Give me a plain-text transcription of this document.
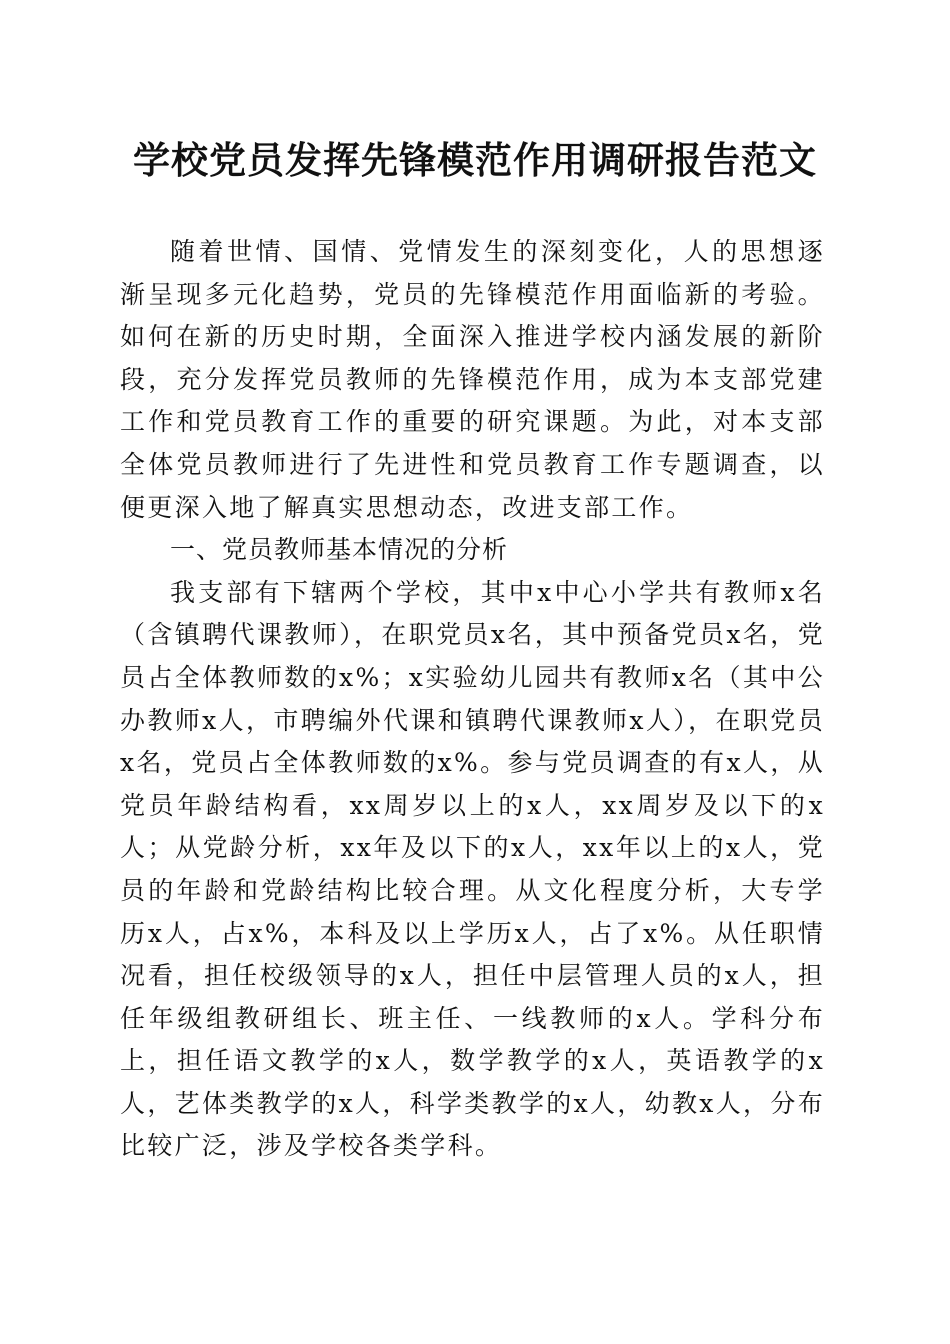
学校党员发挥先锋模范作用调研报告范文

随着世情、国情、党情发生的深刻变化，人的思想逐渐呈现多元化趋势，党员的先锋模范作用面临新的考验。如何在新的历史时期，全面深入推进学校内涵发展的新阶段，充分发挥党员教师的先锋模范作用，成为本支部党建工作和党员教育工作的重要的研究课题。为此，对本支部全体党员教师进行了先进性和党员教育工作专题调查，以便更深入地了解真实思想动态，改进支部工作。

一、党员教师基本情况的分析

我支部有下辖两个学校，其中x中心小学共有教师x名（含镇聘代课教师），在职党员x名，其中预备党员x名，党员占全体教师数的x%；x实验幼儿园共有教师x名（其中公办教师x人，市聘编外代课和镇聘代课教师x人），在职党员x名，党员占全体教师数的x%。参与党员调查的有x人，从党员年龄结构看，xx周岁以上的x人，xx周岁及以下的x人；从党龄分析，xx年及以下的x人，xx年以上的x人，党员的年龄和党龄结构比较合理。从文化程度分析，大专学历x人，占x%，本科及以上学历x人，占了x%。从任职情况看，担任校级领导的x人，担任中层管理人员的x人，担任年级组教研组长、班主任、一线教师的x人。学科分布上，担任语文教学的x人，数学教学的x人，英语教学的x人，艺体类教学的x人，科学类教学的x人，幼教x人，分布比较广泛，涉及学校各类学科。
